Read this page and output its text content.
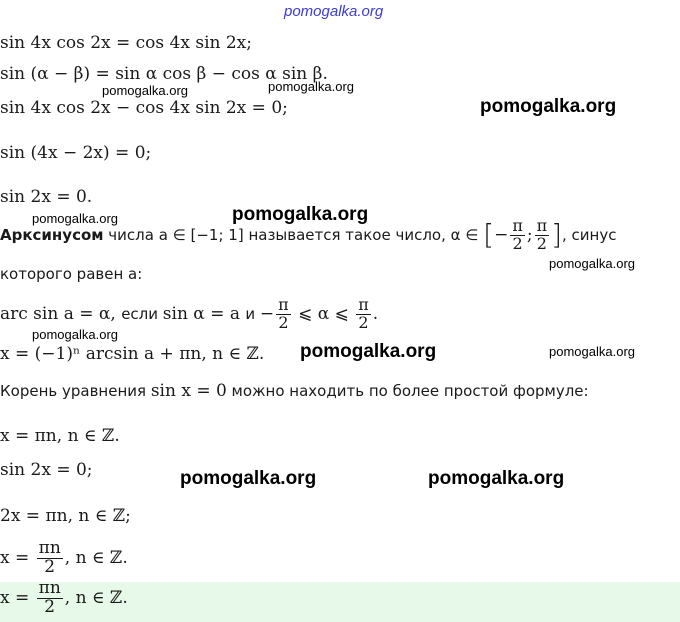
pomogalka.org
pomogalka.org	pomogalka.org
pomogalka.org
pomogalka.org	pomogalka.org
pomogalka.org
pomogalka.org
pomogalka.org	pomogalka.org
pomogalka.org	pomogalka.org
sin 4x cos 2x = cos 4x sin 2x;
sin (α − β) = sin α cos β − cos α sin β.
sin 4x cos 2x − cos 4x sin 2x = 0;
sin (4x − 2x) = 0;
sin 2x = 0.
Арксинусом числа a ∈ [−1; 1] называется такое число, α ∈ [ − $\frac{\pi}{2}$ ; $\frac{\pi}{2}$ ] , синус
которого равен a:
arc sin a = α, если sin α = a $и - \frac{\pi}{2}$ ⩽ α ⩽ $\frac{\pi}{2}$ .
x = (−1)ⁿ arcsin a + πn, n ∈ ℤ.
Корень уравнения sin x = 0 можно находить по более простой формуле:
x = πn, n ∈ ℤ.
sin 2x = 0;
2x = πn, n ∈ ℤ;
$x = \frac{\pi n}{2}$ , n ∈ ℤ.
$x = \frac{\pi n}{2}$ , n ∈ ℤ.
